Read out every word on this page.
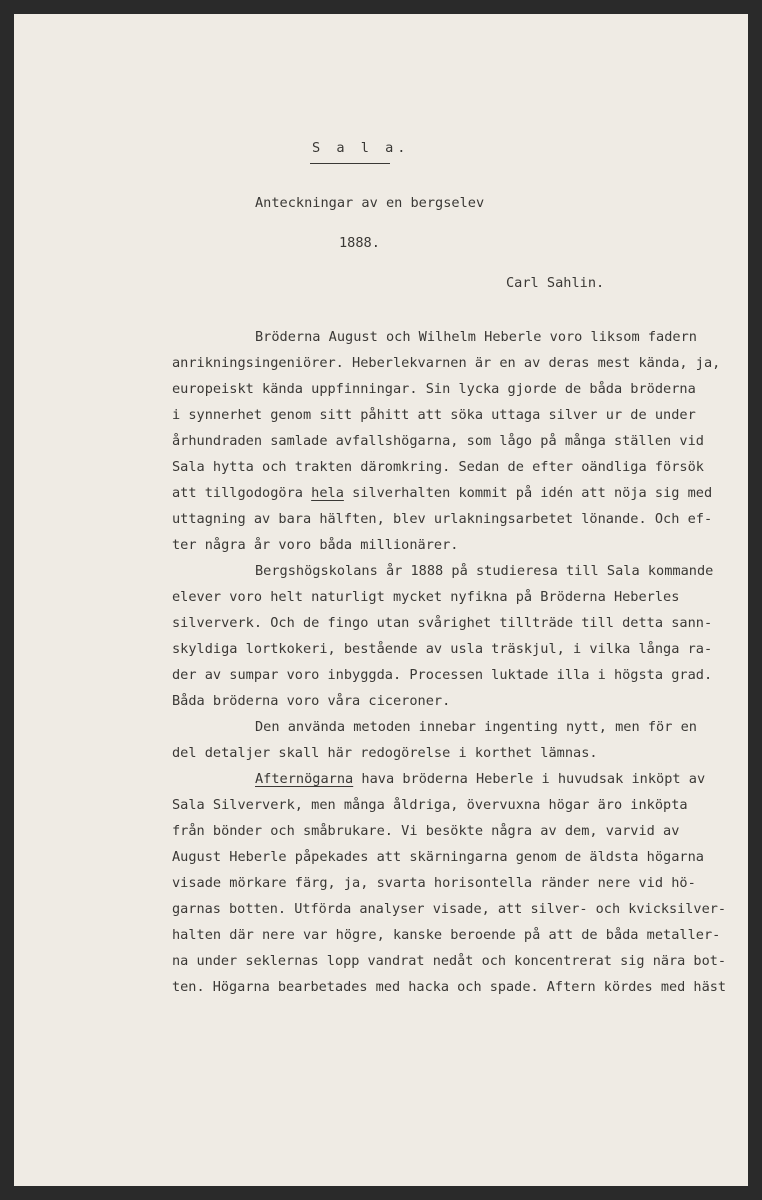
S a l a.
Anteckningar av en bergselev
1888.
Carl Sahlin.
Bröderna August och Wilhelm Heberle voro liksom fadern
anrikningsingeniörer. Heberlekvarnen är en av deras mest kända, ja,
europeiskt kända uppfinningar. Sin lycka gjorde de båda bröderna
i synnerhet genom sitt påhitt att söka uttaga silver ur de under
århundraden samlade avfallshögarna, som lågo på många ställen vid
Sala hytta och trakten däromkring. Sedan de efter oändliga försök
att tillgodogöra hela silverhalten kommit på idén att nöja sig med
uttagning av bara hälften, blev urlakningsarbetet lönande. Och ef-
ter några år voro båda millionärer.
Bergshögskolans år 1888 på studieresa till Sala kommande
elever voro helt naturligt mycket nyfikna på Bröderna Heberles
silververk. Och de fingo utan svårighet tillträde till detta sann-
skyldiga lortkokeri, bestående av usla träskjul, i vilka långa ra-
der av sumpar voro inbyggda. Processen luktade illa i högsta grad.
Båda bröderna voro våra ciceroner.
Den använda metoden innebar ingenting nytt, men för en
del detaljer skall här redogörelse i korthet lämnas.
Afternögarna hava bröderna Heberle i huvudsak inköpt av
Sala Silververk, men många åldriga, övervuxna högar äro inköpta
från bönder och småbrukare. Vi besökte några av dem, varvid av
August Heberle påpekades att skärningarna genom de äldsta högarna
visade mörkare färg, ja, svarta horisontella ränder nere vid hö-
garnas botten. Utförda analyser visade, att silver- och kvicksilver-
halten där nere var högre, kanske beroende på att de båda metaller-
na under seklernas lopp vandrat nedåt och koncentrerat sig nära bot-
ten. Högarna bearbetades med hacka och spade. Aftern kördes med häst
